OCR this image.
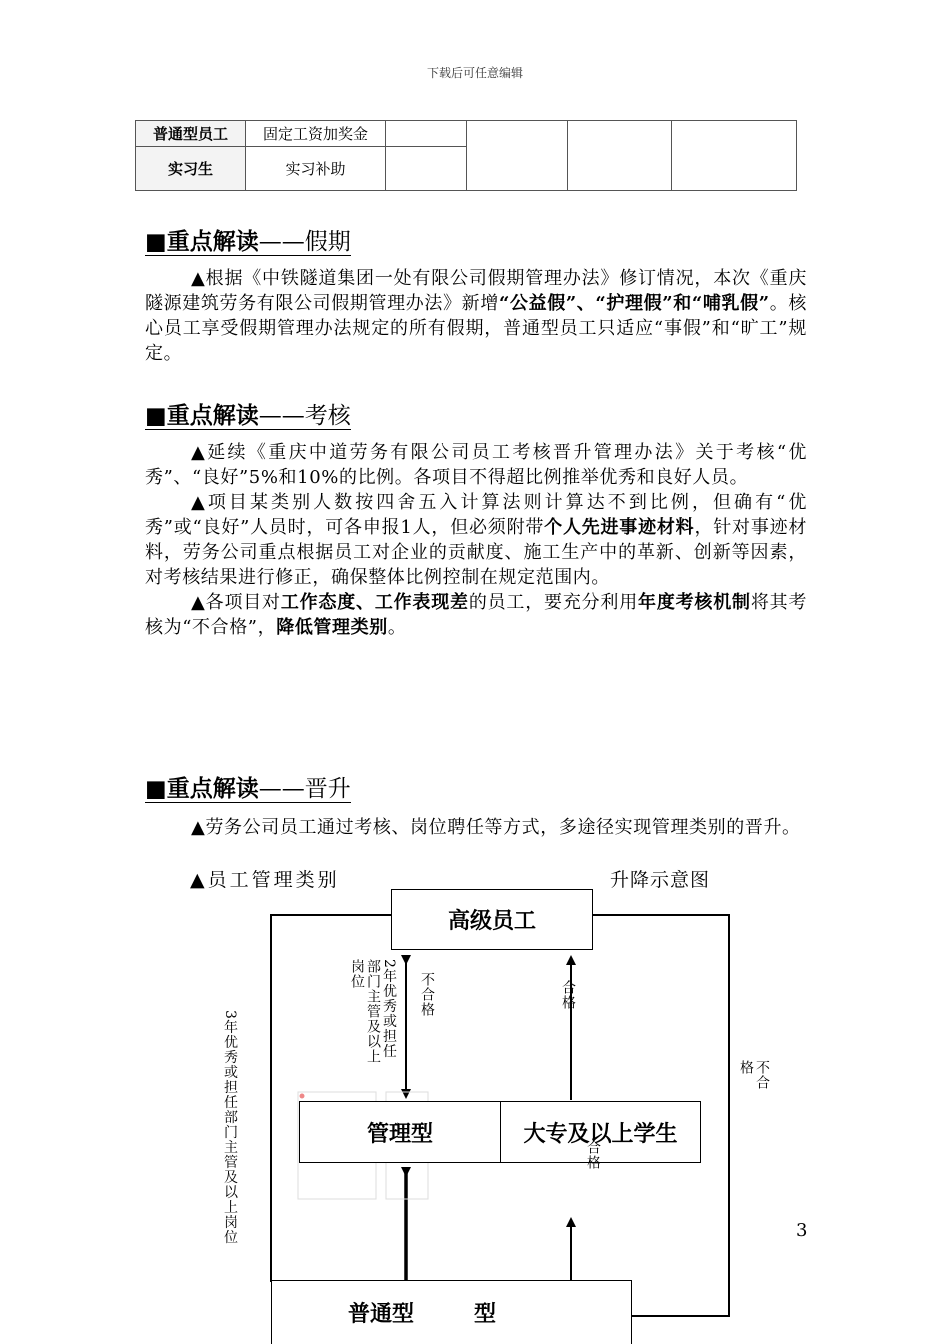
下载后可任意编辑
普通型员工	固定工资加奖金				
实习生	实习补助				
■重点解读——假期

▲根据《中铁隧道集团一处有限公司假期管理办法》修订情况，本次《重庆隧源建筑劳务有限公司假期管理办法》新增“公益假”、“护理假”和“哺乳假”。核心员工享受假期管理办法规定的所有假期，普通型员工只适应“事假”和“旷工”规定。

■重点解读——考核

▲延续《重庆中道劳务有限公司员工考核晋升管理办法》关于考核“优秀”、“良好”5%和10%的比例。各项目不得超比例推举优秀和良好人员。

▲项目某类别人数按四舍五入计算法则计算达不到比例，但确有“优秀”或“良好”人员时，可各申报1人，但必须附带个人先进事迹材料，针对事迹材料，劳务公司重点根据员工对企业的贡献度、施工生产中的革新、创新等因素，对考核结果进行修正，确保整体比例控制在规定范围内。

▲各项目对工作态度、工作表现差的员工，要充分利用年度考核机制将其考核为“不合格”，降低管理类别。

■重点解读——晋升

▲劳务公司员工通过考核、岗位聘任等方式，多途径实现管理类别的晋升。

▲员工管理类别	升降示意图
高级员工
管理型	大专及以上学生
普通型	型
2年优秀或担任部门主管及以上岗位	不合格	合格
合格
不合格
3年优秀或担任部门主管及以上岗位	3
